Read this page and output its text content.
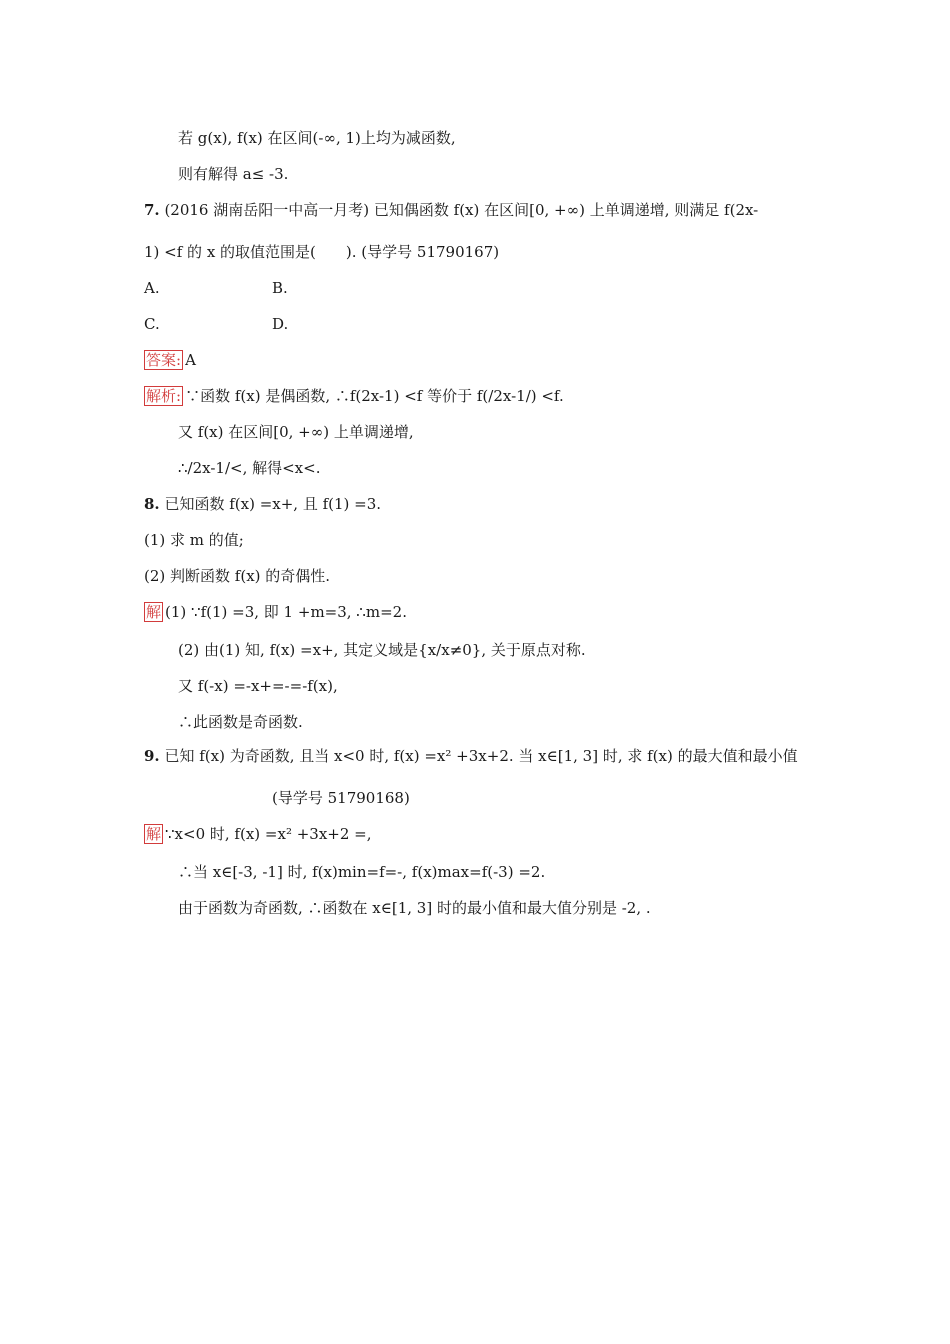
若 g(x), f(x) 在区间(-∞, 1)上均为减函数,
则有解得 a≤ -3.
7. (2016 湖南岳阳一中高一月考) 已知偶函数 f(x) 在区间[0, +∞) 上单调递增, 则满足 f(2x-
1) <f 的 x 的取值范围是(　　). (导学号 51790167)
A.	B.
C.	D.
答案: A
解析: ∵函数 f(x) 是偶函数, ∴f(2x-1) <f 等价于 f(/2x-1/) <f.
又 f(x) 在区间[0, +∞) 上单调递增,
∴/2x-1/<, 解得<x<.
8. 已知函数 f(x) =x+, 且 f(1) =3.
(1) 求 m 的值;
(2) 判断函数 f(x) 的奇偶性.
解 (1) ∵f(1) =3, 即 1 +m=3, ∴m=2.
(2) 由(1) 知, f(x) =x+, 其定义域是{x/x≠0}, 关于原点对称.
又 f(-x) =-x+=-=-f(x),
∴此函数是奇函数.
9. 已知 f(x) 为奇函数, 且当 x<0 时, f(x) =x² +3x+2. 当 x∈[1, 3] 时, 求 f(x) 的最大值和最小值
(导学号 51790168)
解 ∵x<0 时, f(x) =x² +3x+2 =,
∴当 x∈[-3, -1] 时, f(x)min=f=-, f(x)max=f(-3) =2.
由于函数为奇函数, ∴函数在 x∈[1, 3] 时的最小值和最大值分别是 -2, .
